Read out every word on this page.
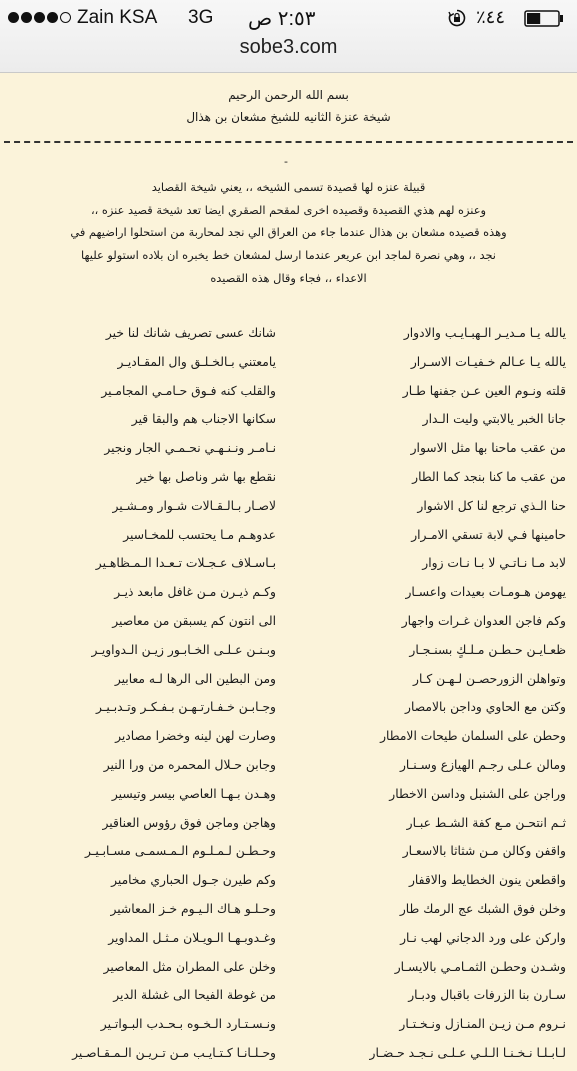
Zain KSA 3G ٢:٥٣ ص	٪٤٤
sobe3.com
بسم الله الرحمن الرحيم
شيخة عنزة الثانيه للشيخ مشعان بن هذال
-
قبيلة عنزه لها قصيدة تسمى الشيخه ،، يعني شيخة القصايد
وعنزه لهم هذي القصيدة وقصيده اخرى لمقحم الصقري ايضا تعد شيخة قصيد عنزه ،،
وهذه قصيده مشعان بن هذال عندما جاء من العراق الي نجد لمحاربة من استحلوا اراضيهم في
نجد ،، وهي نصرة لماجد ابن عريعر عندما ارسل لمشعان خط يخبره ان بلاده استولو عليها
الاعداء ،، فجاء وقال هذه القصيده
يالله يـا مـديـر الـهبـايـب والادوار
يالله يـا عـالم خـفيـات الاسـرار
قلته ونـوم العين عـن جفنها طـار
جانا الخبر يالابتي وليت الـدار
من عقب ماحنا بها مثل الاسوار
من عقب ما كنا بنجد كما الطار
حنا الـذي ترجع لنا كل الاشوار
حامينها فـي لابة تسقي الامـرار
لابد مـا نـاتـي لا بـا نـات زوار
يهومن هـومـات بعيدات واعسـار
وكم فاجن العدوان غـرات واجهار
ظعـايـن حـطـن مـلـكٍ بسنـجـار
وتواهلن الزورحصـن لـهـن كـار
وكتن مع الحاوي وداجن بالامصار
وحطن على السلمان طيحات الامطار
ومالن عـلى رجـم الهيازع وسـنـار
وراجن على الشنبل وداسن الاخطار
ثـم انتحـن مـع كفة الشـط عبـار
واقفن وكالن مـن شثاثا بالاسعـار
واقطعن ينون الخطايط والاقفار
وخلن فوق الشبك عج الرمك طار
واركن على ورد الدجاني لهب نـار
وشـدن وحطـن الثمـامـي بالايسـار
سـارن بنا الزرفات باقبال ودبـار
نـروم مـن زيـن المنـازل ونـخـتـار
لـابـلـا نـخـنـا الـلـي عـلـى نـجـد حـضـار
شانك عسى تصريف شانك لنا خير
يامعتني بـالخـلـق وال المقـاديـر
والقلب كنه فـوق حـامـي المجامـير
سكانها الاجناب هم والبقا قير
نـامـر ونـنـهـي نحـمـي الجار ونجير
نقطع بها شر وناصل بها خير
لاصـار بـالـقـالات شـوار ومـشـير
عدوهـم مـا يحتسب للمخـاسير
بـاسـلاف عـجـلات تـعـدا الـمـظاهـير
وكـم ذيـرن مـن غافل مابعد ذيـر
الى انتون كم يسبقن من معاصير
وبـنـن عـلـى الخـابـور زيـن الـدواويـر
ومن البطين الى الرها لـه معابير
وجـابـن خـفـارتـهـن بـفـكـر وتـدبـيـر
وصارت لهن لينه وخضرا مصادير
وجابن حـلال المحمره من ورا النير
وهـدن بـهـا العاصي بيسر وتيسير
وهاجن وماجن فوق رؤوس العناقير
وحـطـن لـمـلـوم الـمـسمـى مسـابـيـر
وكم طيرن جـول الحباري مخامير
وحـلـو هـاك الـيـوم خـز المعاشير
وغـدوبـهـا الـويـلان مـثـل المداوير
وخلن على المطران مثل المعاصير
من غوطة الفيحا الى غشلة الدير
ونـسـتـارد الـخـوه بـحـدب البـواتـير
وحـلـانـا كـتـايـب مـن تـريـن الـمـقـاصـير
